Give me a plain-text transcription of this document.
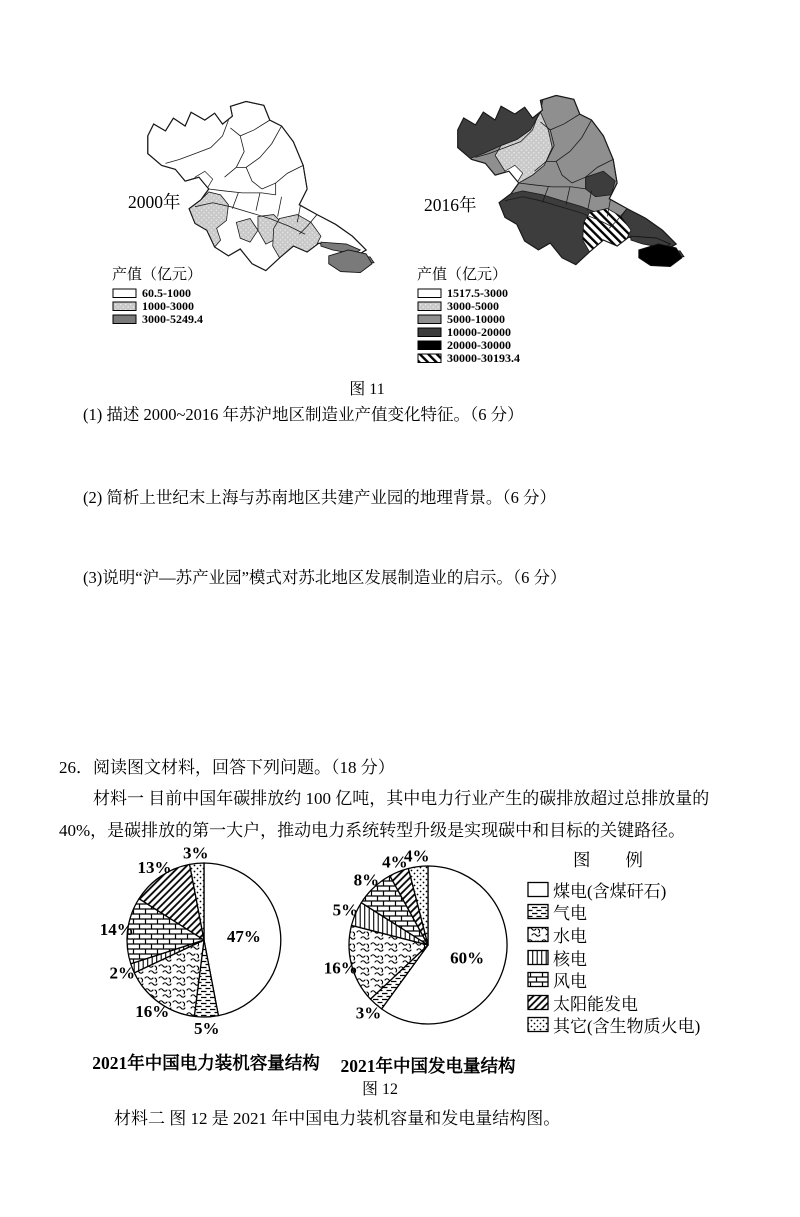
2000年	2016年
产值（亿元）
60.5-1000
1000-3000
3000-5249.4
产值（亿元）
1517.5-3000
3000-5000
5000-10000
10000-20000
20000-30000
30000-30193.4
图 11
(1) 描述 2000~2016 年苏沪地区制造业产值变化特征。（6 分）
(2) 简析上世纪末上海与苏南地区共建产业园的地理背景。（6 分）
(3)说明“沪—苏产业园”模式对苏北地区发展制造业的启示。（6 分）
26．阅读图文材料，回答下列问题。（18 分）

材料一 目前中国年碳排放约 100 亿吨，其中电力行业产生的碳排放超过总排放量的 40%，是碳排放的第一大户，推动电力系统转型升级是实现碳中和目标的关键路径。

47%
5%
16%
2%
14%
13%
3%
60%
3%
16%
5%
8%
4%
4%	图　　例
煤电(含煤矸石)
气电
水电
核电
风电
太阳能发电
其它(含生物质火电)
2021年中国电力装机容量结构	2021年中国发电量结构
图 12

材料二 图 12 是 2021 年中国电力装机容量和发电量结构图。
